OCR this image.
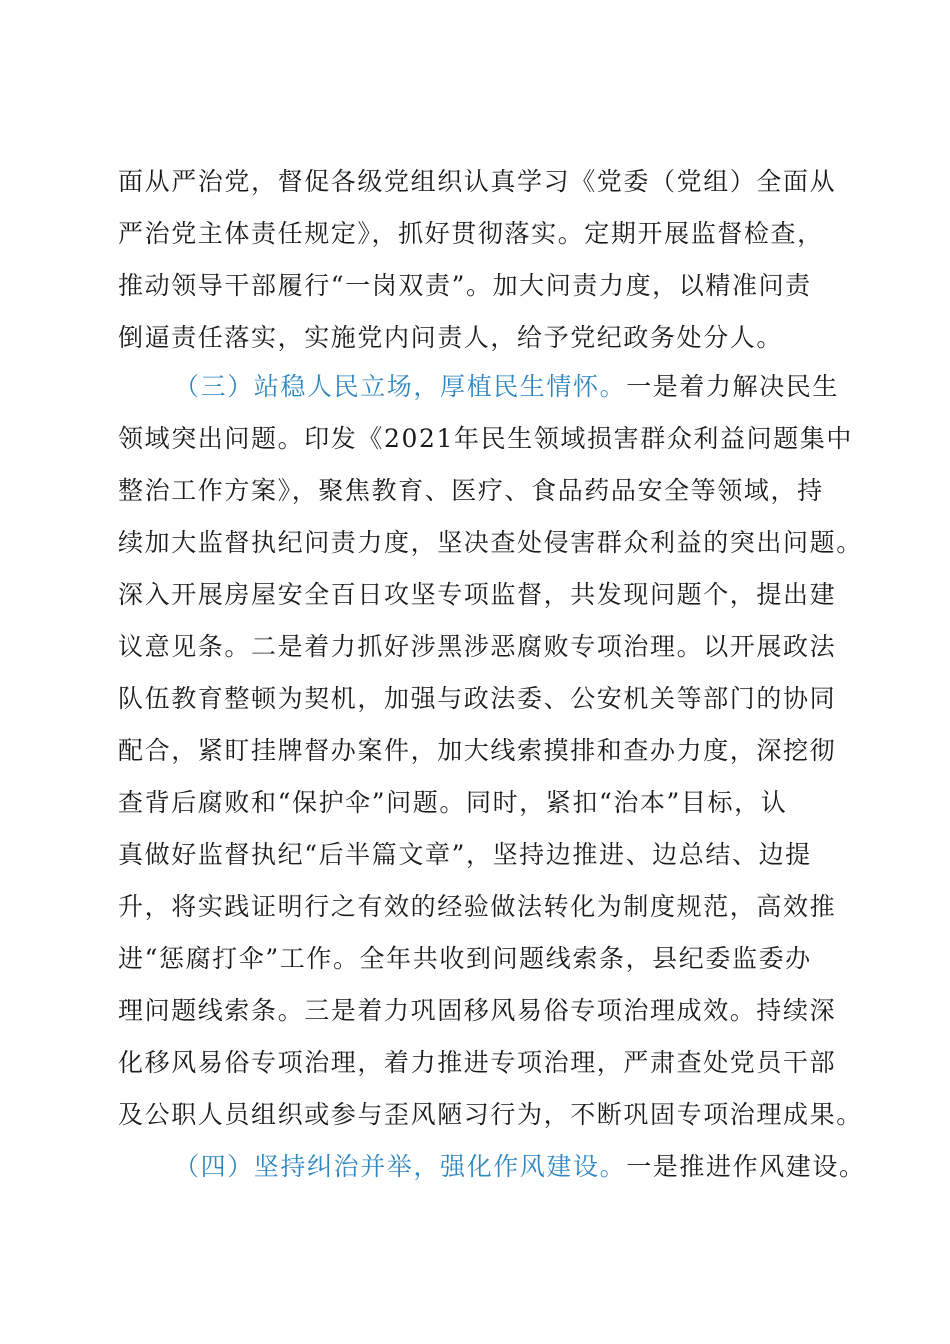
面从严治党，督促各级党组织认真学习《党委（党组）全面从
严治党主体责任规定》，抓好贯彻落实。定期开展监督检查，
推动领导干部履行“一岗双责”。加大问责力度，以精准问责
倒逼责任落实，实施党内问责人，给予党纪政务处分人。
（三）站稳人民立场，厚植民生情怀。一是着力解决民生
领域突出问题。印发《2021年民生领域损害群众利益问题集中
整治工作方案》，聚焦教育、医疗、食品药品安全等领域，持
续加大监督执纪问责力度，坚决查处侵害群众利益的突出问题。
深入开展房屋安全百日攻坚专项监督，共发现问题个，提出建
议意见条。二是着力抓好涉黑涉恶腐败专项治理。以开展政法
队伍教育整顿为契机，加强与政法委、公安机关等部门的协同
配合，紧盯挂牌督办案件，加大线索摸排和查办力度，深挖彻
查背后腐败和“保护伞”问题。同时，紧扣“治本”目标，认
真做好监督执纪“后半篇文章”，坚持边推进、边总结、边提
升，将实践证明行之有效的经验做法转化为制度规范，高效推
进“惩腐打伞”工作。全年共收到问题线索条，县纪委监委办
理问题线索条。三是着力巩固移风易俗专项治理成效。持续深
化移风易俗专项治理，着力推进专项治理，严肃查处党员干部
及公职人员组织或参与歪风陋习行为，不断巩固专项治理成果。
（四）坚持纠治并举，强化作风建设。一是推进作风建设。
